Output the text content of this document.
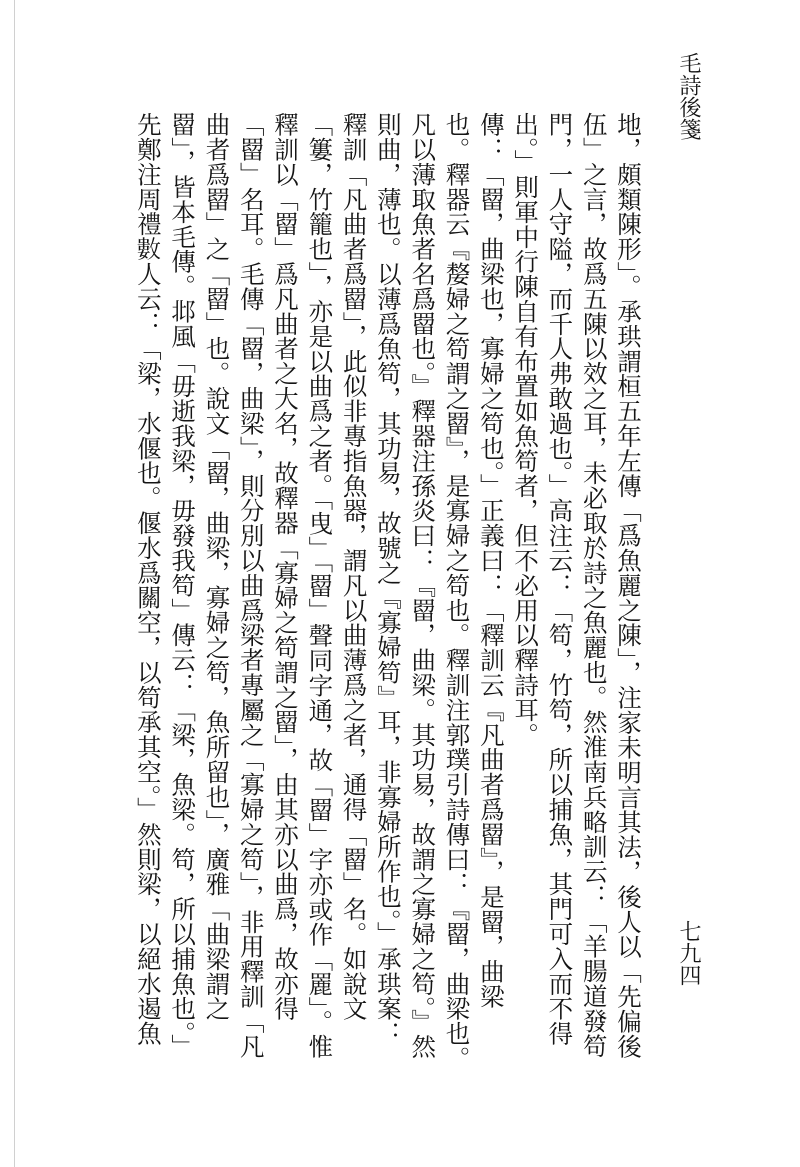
毛詩後箋
七九四
地，頗類陳形」。承珙謂桓五年左傳「爲魚麗之陳」，注家未明言其法，後人以「先偏後
伍」之言，故爲五陳以效之耳，未必取於詩之魚麗也。然淮南兵略訓云：「羊腸道發笱
門，一人守隘，而千人弗敢過也。」高注云：「笱，竹笱，所以捕魚，其門可入而不得
出。」則軍中行陳自有布置如魚笱者，但不必用以釋詩耳。
傳：「罶，曲梁也，寡婦之笱也。」正義曰：「釋訓云『凡曲者爲罶』，是罶，曲梁
也。釋器云『嫠婦之笱謂之罶』，是寡婦之笱也。釋訓注郭璞引詩傳曰：『罶，曲梁也。
凡以薄取魚者名爲罶也。』釋器注孫炎曰：『罶，曲梁。其功易，故謂之寡婦之笱。』然
則曲，薄也。以薄爲魚笱，其功易，故號之『寡婦笱』耳，非寡婦所作也。」承珙案：
釋訓「凡曲者爲罶」，此似非專指魚器，謂凡以曲薄爲之者，通得「罶」名。如說文
「簍，竹籠也」，亦是以曲爲之者。「曳」「罶」聲同字通，故「罶」字亦或作「䍡」。惟
釋訓以「罶」爲凡曲者之大名，故釋器「寡婦之笱謂之罶」，由其亦以曲爲，故亦得
「罶」名耳。毛傳「罶，曲梁」，則分別以曲爲梁者專屬之「寡婦之笱」，非用釋訓「凡
曲者爲罶」之「罶」也。說文「罶，曲梁，寡婦之笱，魚所留也」，廣雅「曲梁謂之
罶」，皆本毛傳。邶風「毋逝我梁，毋發我笱」傳云：「梁，魚梁。笱，所以捕魚也。」
先鄭注周禮𢿙人云：「梁，水偃也。偃水爲關空，以笱承其空。」然則梁，以絕水遏魚
